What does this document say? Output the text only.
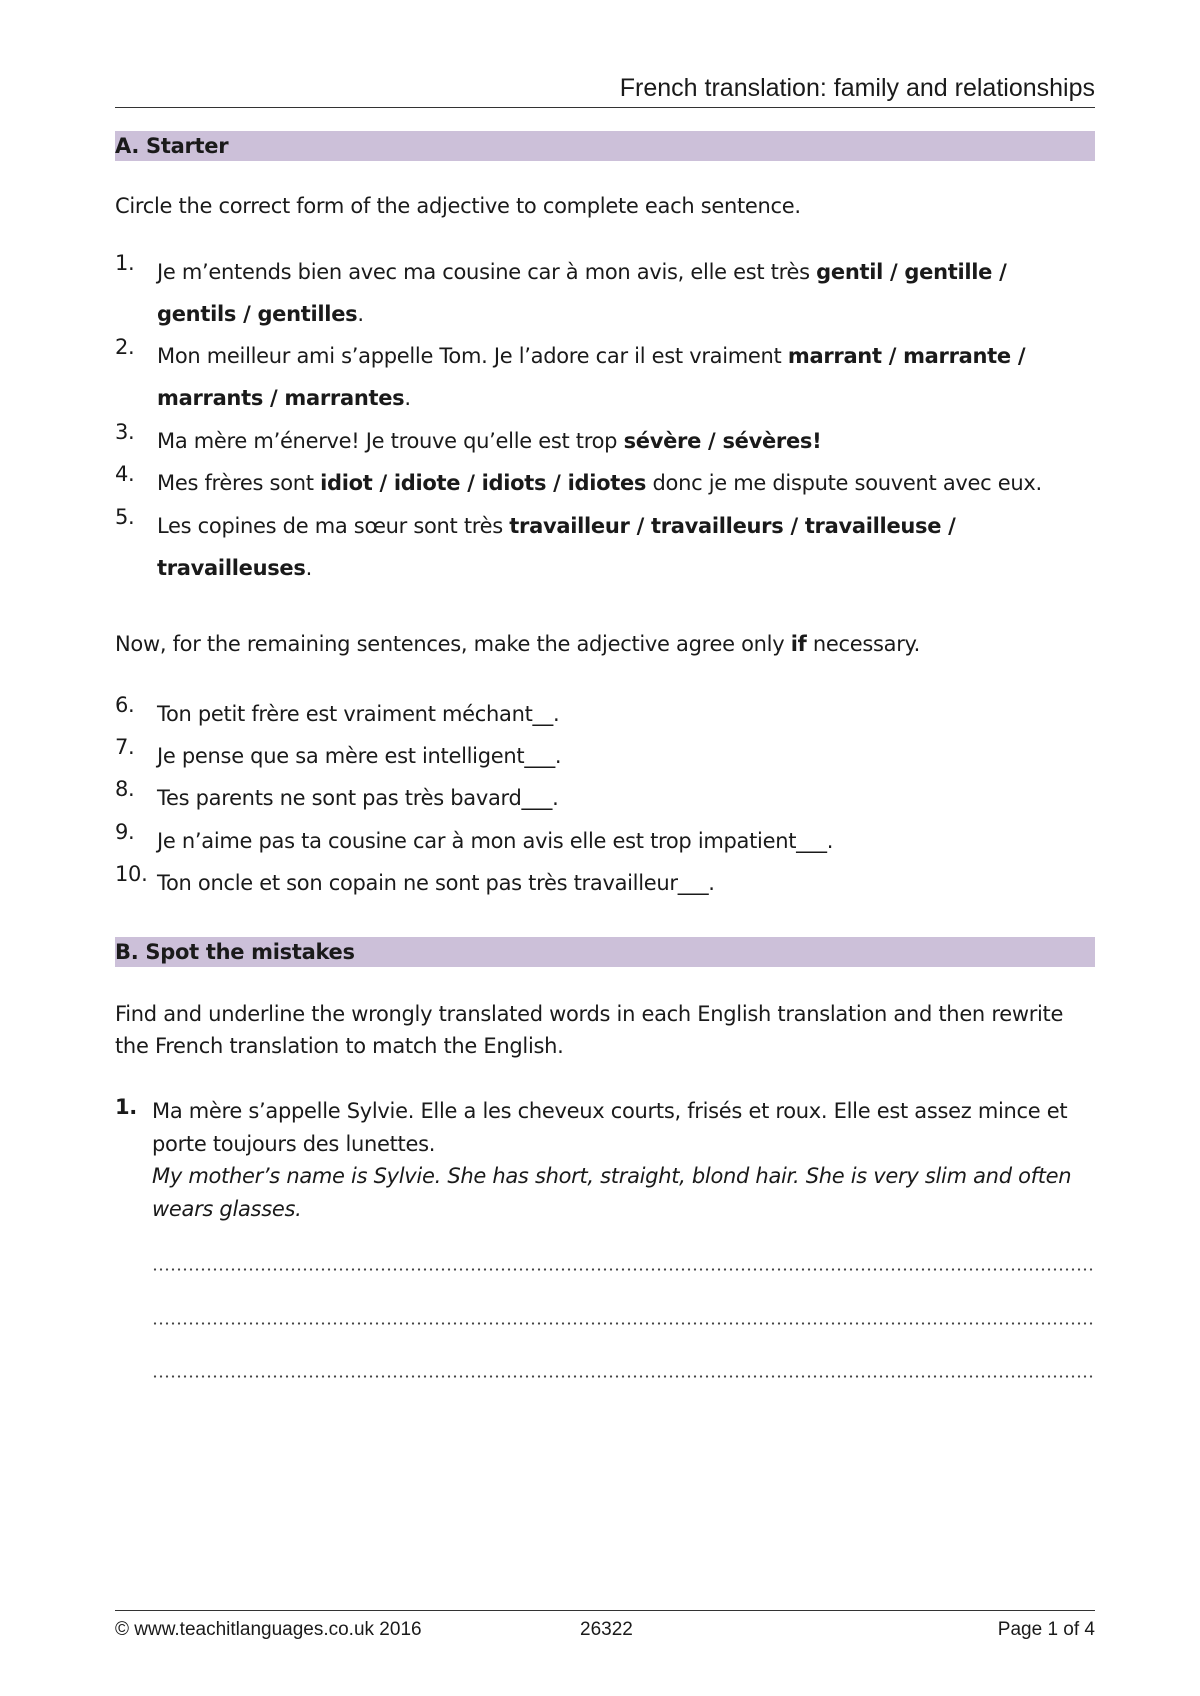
French translation: family and relationships
A. Starter
Circle the correct form of the adjective to complete each sentence.
1. Je m’entends bien avec ma cousine car à mon avis, elle est très gentil / gentille / gentils / gentilles.
2. Mon meilleur ami s’appelle Tom. Je l’adore car il est vraiment marrant / marrante / marrants / marrantes.
3. Ma mère m’énerve! Je trouve qu’elle est trop sévère / sévères!
4. Mes frères sont idiot / idiote / idiots / idiotes donc je me dispute souvent avec eux.
5. Les copines de ma sœur sont très travailleur / travailleurs / travailleuse / travailleuses.
Now, for the remaining sentences, make the adjective agree only if necessary.
6. Ton petit frère est vraiment méchant__.
7. Je pense que sa mère est intelligent___.
8. Tes parents ne sont pas très bavard___.
9. Je n’aime pas ta cousine car à mon avis elle est trop impatient___.
10. Ton oncle et son copain ne sont pas très travailleur___.
B. Spot the mistakes
Find and underline the wrongly translated words in each English translation and then rewrite the French translation to match the English.
1. Ma mère s’appelle Sylvie. Elle a les cheveux courts, frisés et roux. Elle est assez mince et porte toujours des lunettes.
My mother’s name is Sylvie. She has short, straight, blond hair. She is very slim and often wears glasses.
© www.teachitlanguages.co.uk 2016	26322	Page 1 of 4
